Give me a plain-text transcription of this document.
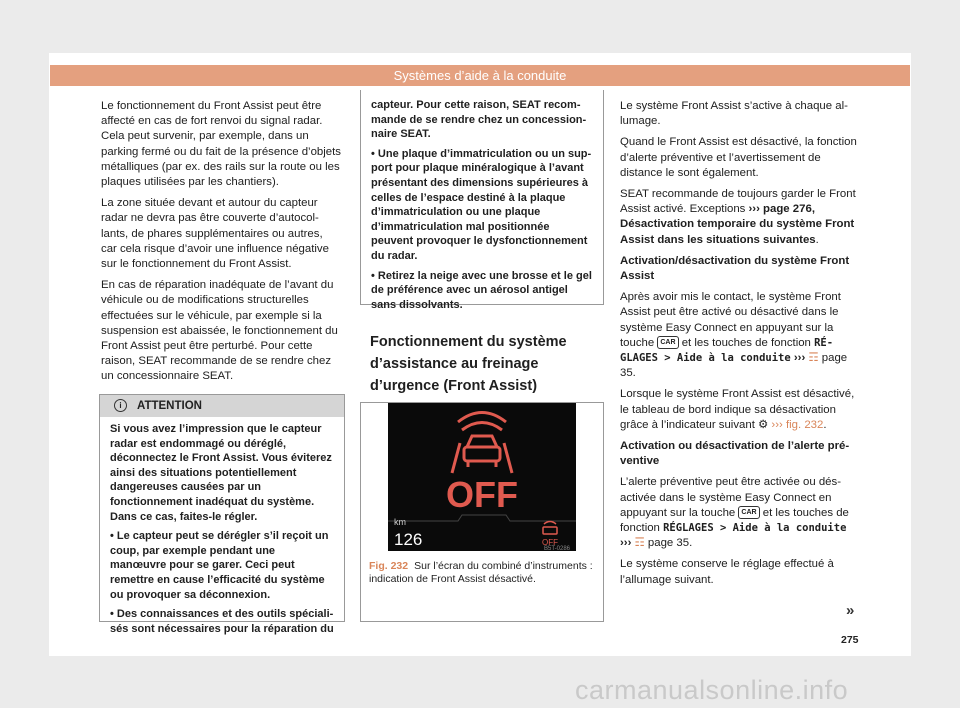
Systèmes d’aide à la conduite

Le fonctionnement du Front Assist peut être affecté en cas de fort renvoi du signal radar. Cela peut survenir, par exemple, dans un parking fermé ou du fait de la présence d’objets métalliques (par ex. des rails sur la route ou les plaques utilisées par les chantiers).

La zone située devant et autour du capteur radar ne devra pas être couverte d’autocollants, de phares supplémentaires ou autres, car cela risque d’avoir une influence négative sur le fonctionnement du Front Assist.

En cas de réparation inadéquate de l’avant du véhicule ou de modifications structurelles effectuées sur le véhicule, par exemple si la suspension est abaissée, le fonctionnement du Front Assist peut être perturbé. Pour cette raison, SEAT recommande de se rendre chez un concessionnaire SEAT.

i ATTENTION

Si vous avez l’impression que le capteur radar est endommagé ou déréglé, déconnectez le Front Assist. Vous éviterez ainsi des situations potentiellement dangereuses causées par un fonctionnement inadéquat du système. Dans ce cas, faites-le régler.

• Le capteur peut se dérégler s’il reçoit un coup, par exemple pendant une manœuvre pour se garer. Ceci peut remettre en cause l’efficacité du système ou provoquer sa déconnexion.

• Des connaissances et des outils spécialisés sont nécessaires pour la réparation du

capteur. Pour cette raison, SEAT recommande de se rendre chez un concessionnaire SEAT.

• Une plaque d’immatriculation ou un support pour plaque minéralogique à l’avant présentant des dimensions supérieures à celles de l’espace destiné à la plaque d’immatriculation ou une plaque d’immatriculation mal positionnée peuvent provoquer le dysfonctionnement du radar.

• Retirez la neige avec une brosse et le gel de préférence avec un aérosol antigel sans dissolvants.

Fonctionnement du système d’assistance au freinage d’urgence (Front Assist)
OFF
km
126	OFF
B5T-0286
Fig. 232 Sur l’écran du combiné d’instruments : indication de Front Assist désactivé.

Le système Front Assist s’active à chaque allumage.

Quand le Front Assist est désactivé, la fonction d’alerte préventive et l’avertissement de distance le sont également.

SEAT recommande de toujours garder le Front Assist activé. Exceptions ››› page 276, Désactivation temporaire du système Front Assist dans les situations suivantes.

Activation/désactivation du système Front Assist

Après avoir mis le contact, le système Front Assist peut être activé ou désactivé dans le système Easy Connect en appuyant sur la touche CAR et les touches de fonction RÉGLAGES > Aide à la conduite ››› ☶ page 35.

Lorsque le système Front Assist est désactivé, le tableau de bord indique sa désactivation grâce à l’indicateur suivant ⚙ ››› fig. 232.

Activation ou désactivation de l’alerte préventive

L’alerte préventive peut être activée ou désactivée dans le système Easy Connect en appuyant sur la touche CAR et les touches de fonction RÉGLAGES > Aide à la conduite ››› ☶ page 35.

Le système conserve le réglage effectué à l’allumage suivant.

»
275
carmanualsonline.info
